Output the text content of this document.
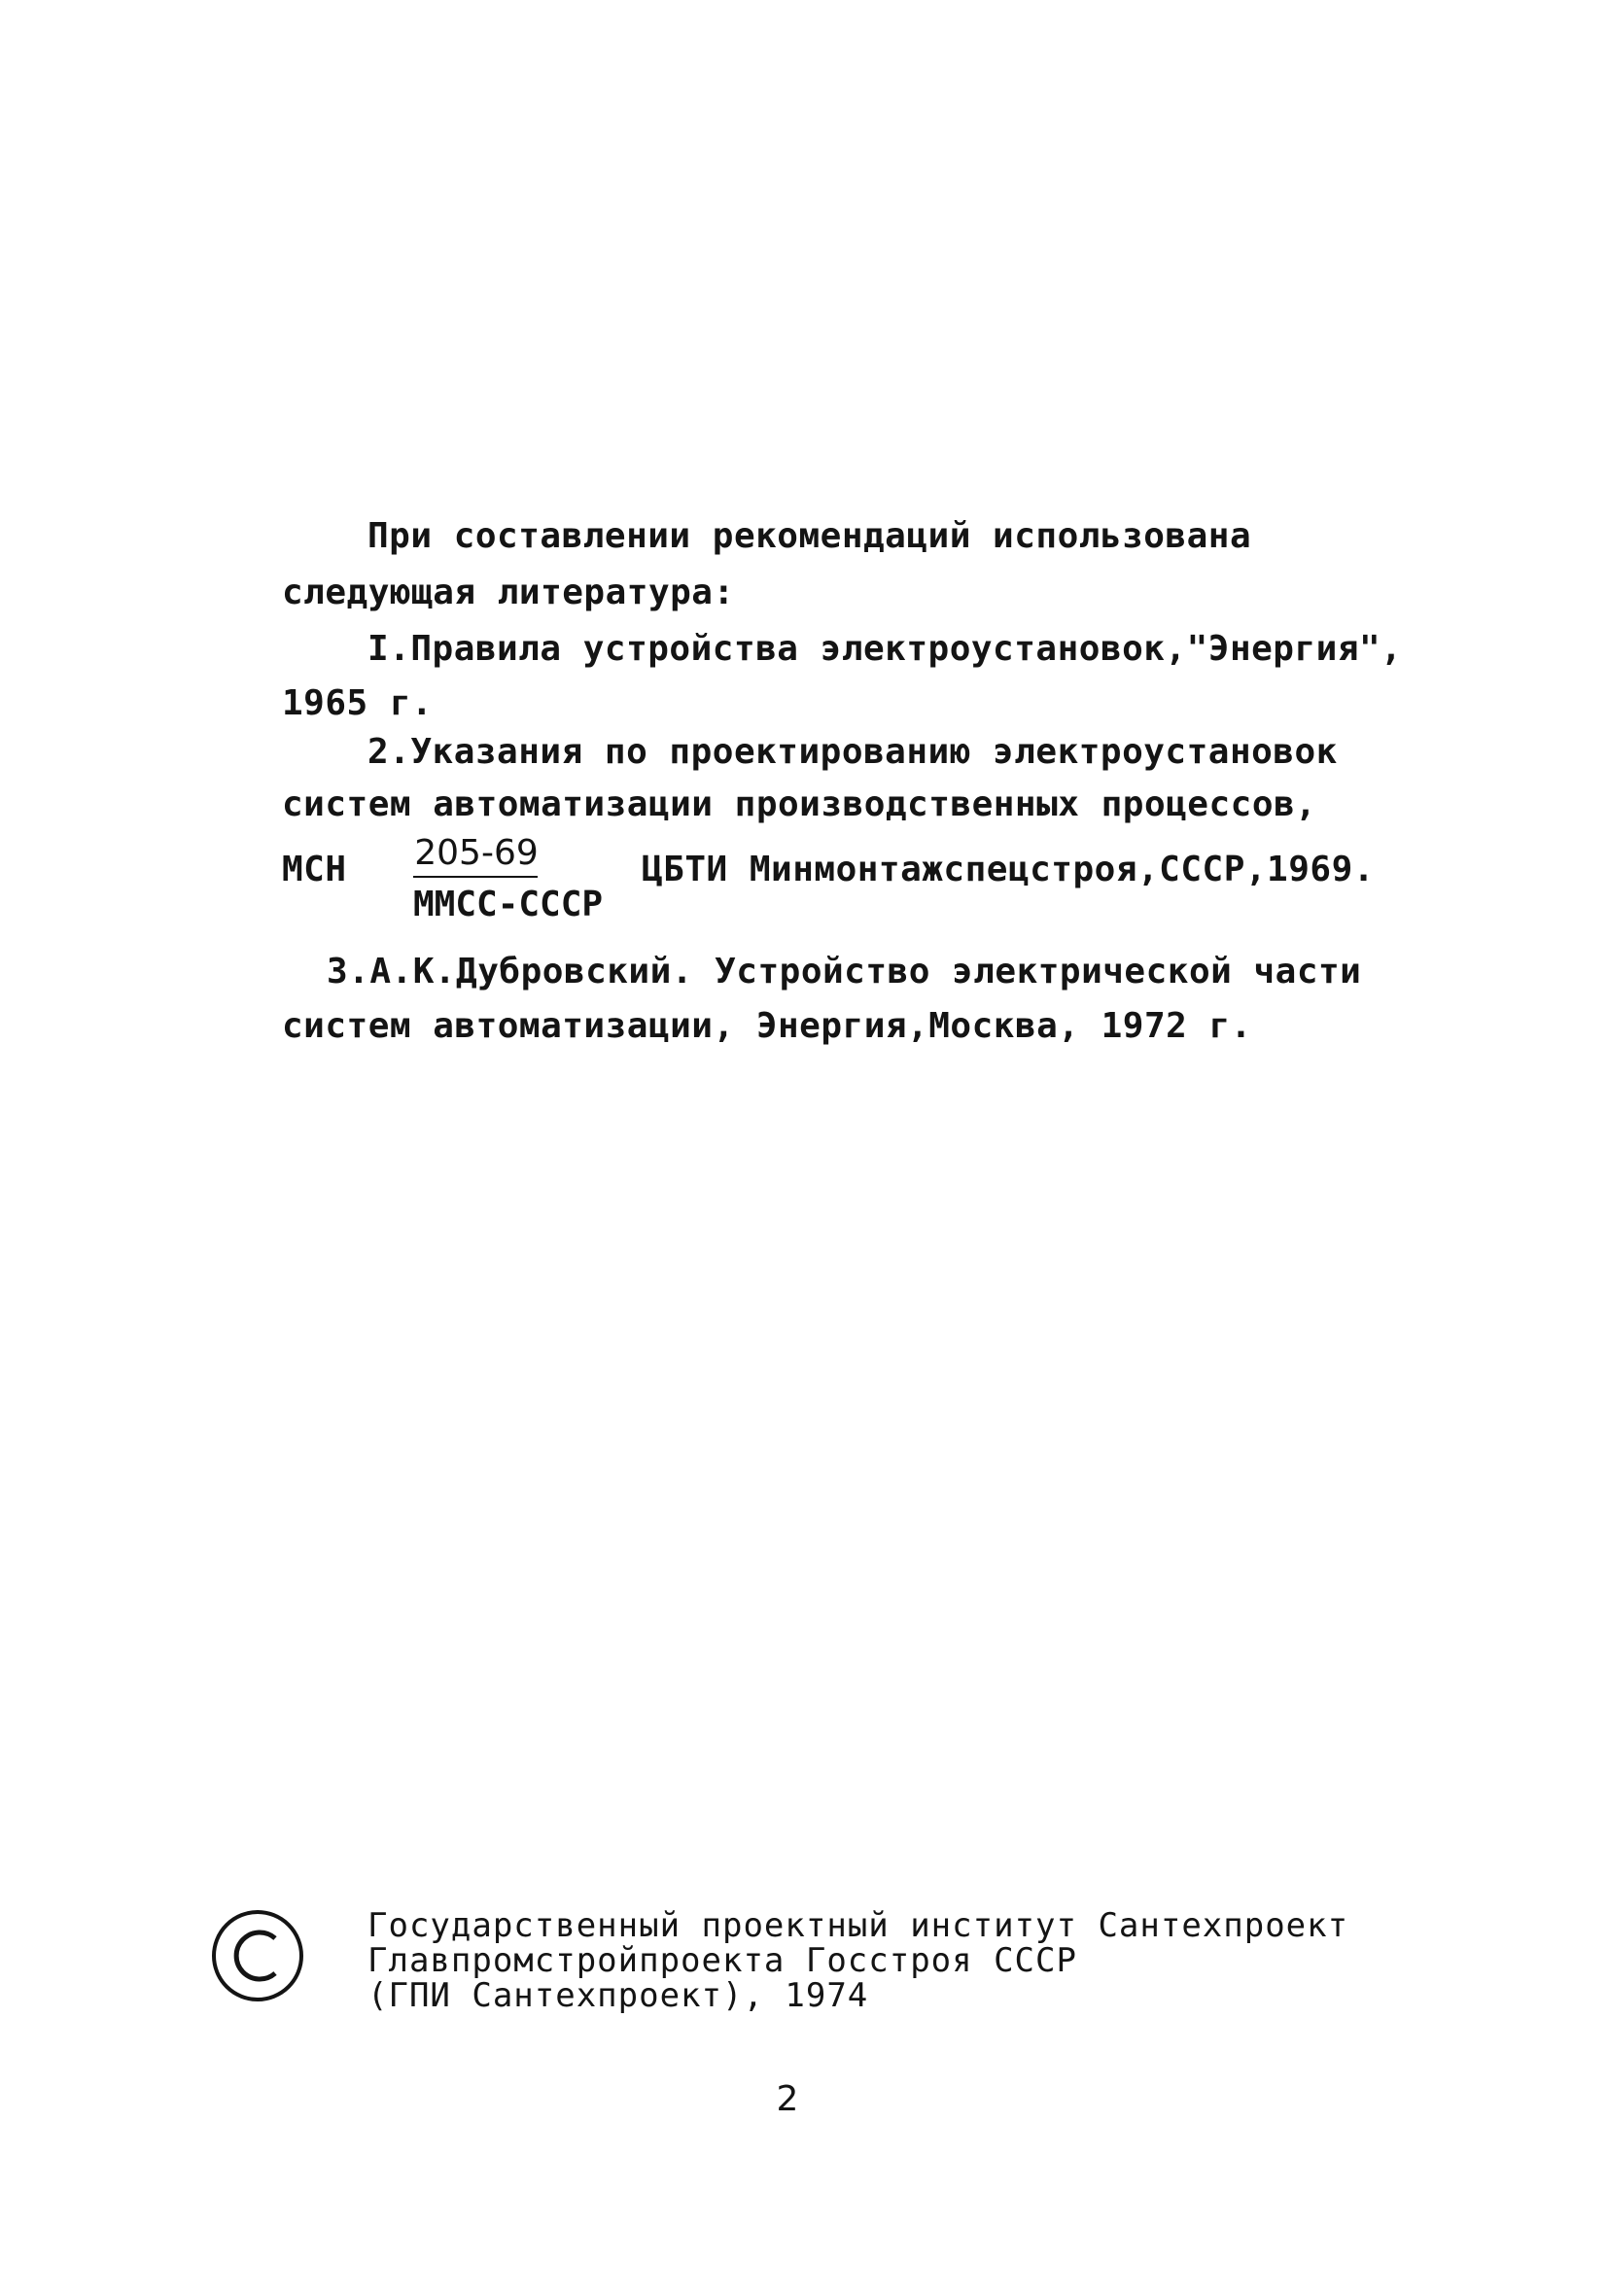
При составлении рекомендаций использована
следующая литература:
I.Правила устройства электроустановок,"Энергия",
1965 г.
2.Указания по проектированию электроустановок
систем автоматизации производственных процессов,
МСН 205-69
ММСС-СССР
ЦБТИ Минмонтажспецстроя,СССР,1969.
3.А.К.Дубровский. Устройство электрической части
систем автоматизации, Энергия,Москва, 1972 г.
Государственный проектный институт Сантехпроект
Главпромстройпроекта Госстроя СССР
(ГПИ Сантехпроект), 1974
2
